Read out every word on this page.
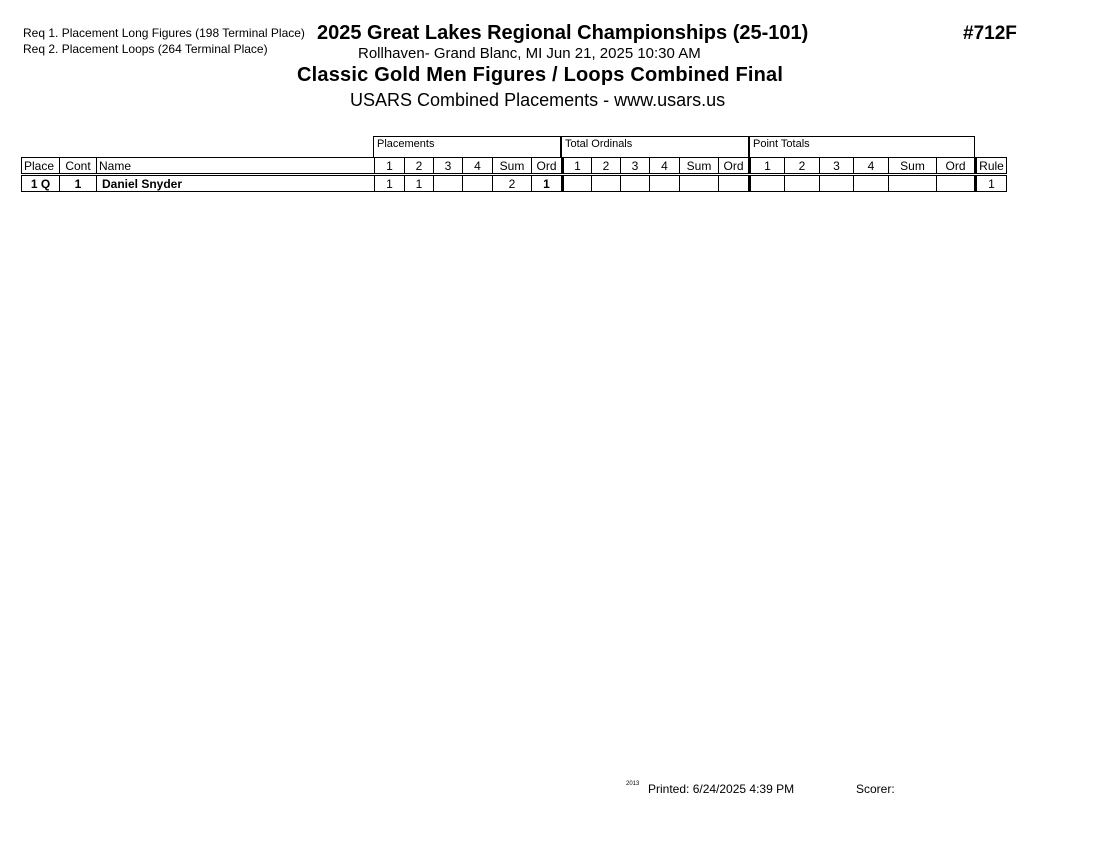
Req 1. Placement Long Figures (198 Terminal Place)
Req 2. Placement Loops (264 Terminal Place)
2025 Great Lakes Regional Championships (25-101)
Rollhaven- Grand Blanc, MI Jun 21, 2025 10:30 AM
Classic Gold Men Figures / Loops Combined Final
USARS Combined Placements - www.usars.us
#712F
Placements	Total Ordinals	Point Totals
Place	Cont	Name	1	2	3	4	Sum	Ord	1	2	3	4	Sum	Ord	1	2	3	4	Sum	Ord	Rule
1 Q	1	Daniel Snyder	1	1			2	1													1
2013 Printed: 6/24/2025 4:39 PM	Scorer:
